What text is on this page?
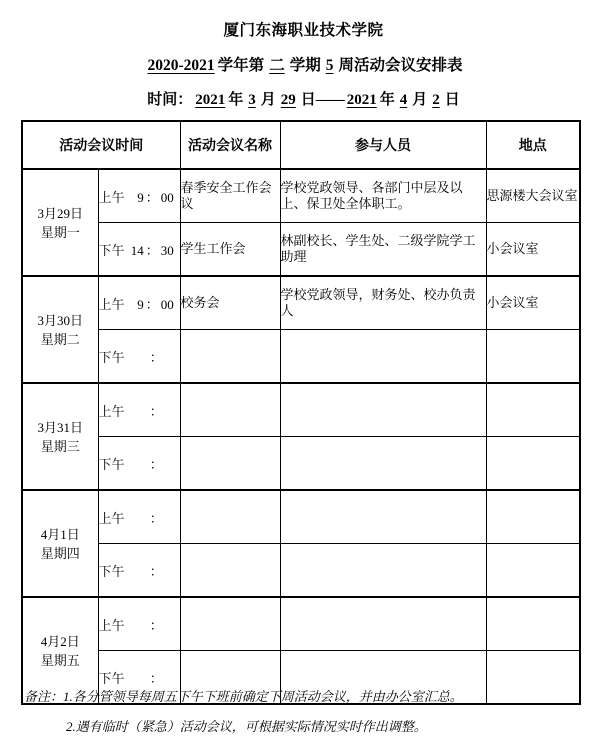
厦门东海职业技术学院
2020-2021 学年第 二 学期 5 周活动会议安排表
时间： 2021 年 3 月 29 日—— 2021 年 4 月 2 日
活动会议时间		活动会议名称	参与人员	地点

3月29日
星期一	上午 9 ： 00	春季安全工作会议	学校党政领导、各部门中层及以上、保卫处全体职工。	思源楼大会议室
	下午 14 ： 30	学生工作会	林副校长、学生处、二级学院学工助理	小会议室

3月30日
星期二	上午 9 ： 00	校务会	学校党政领导，财务处、校办负责人	小会议室
	下午 ：			

3月31日
星期三	上午 ：			
	下午 ：			

4月1日
星期四	上午 ：			
	下午 ：			

4月2日
星期五	上午 ：			
	下午 ：			
备注：1.各分管领导每周五下午下班前确定下周活动会议，并由办公室汇总。
2.遇有临时（紧急）活动会议，可根据实际情况实时作出调整。
